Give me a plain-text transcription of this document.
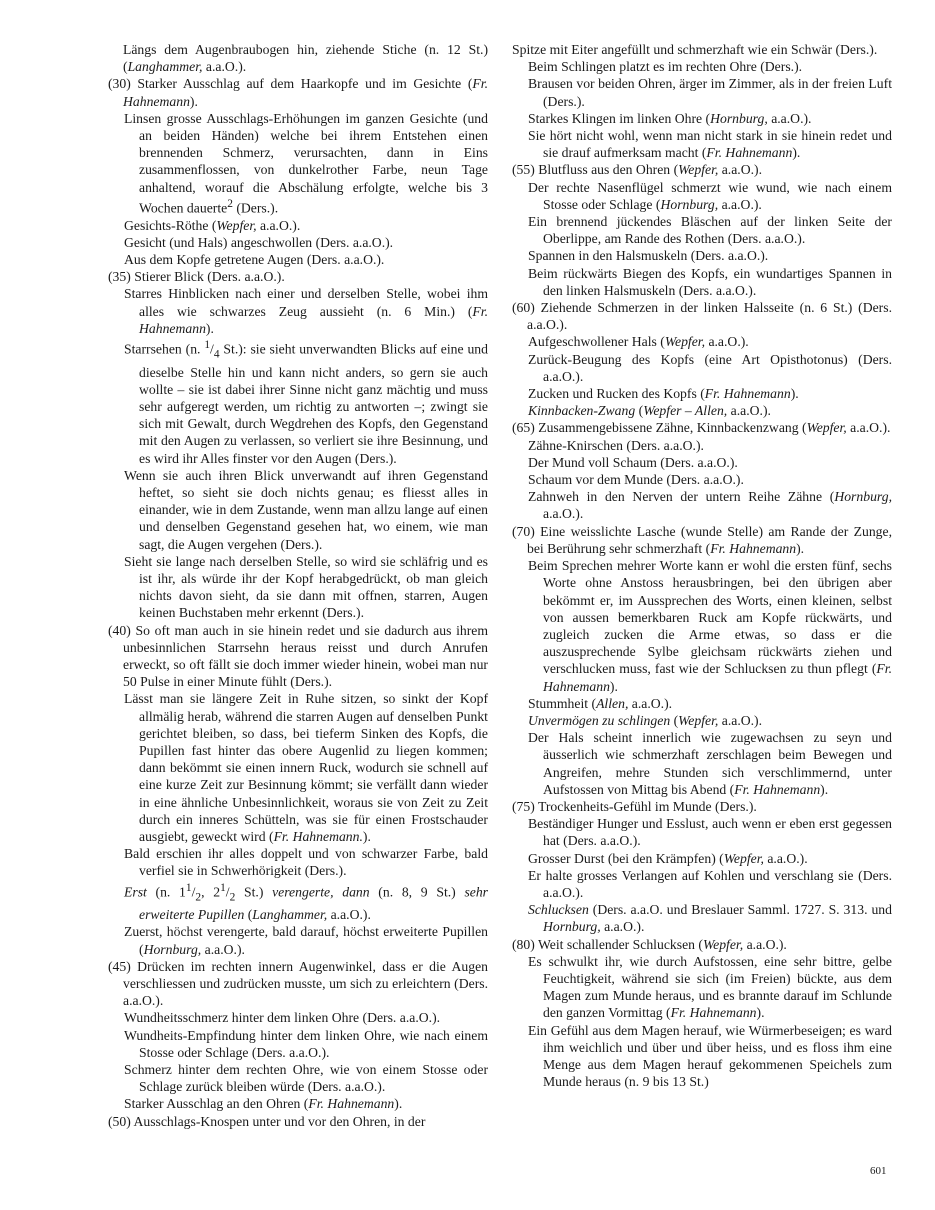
Längs dem Augenbraubogen hin, ziehende Stiche (n. 12 St.) (Langhammer, a.a.O.).

(30) Starker Ausschlag auf dem Haarkopfe und im Gesichte (Fr. Hahnemann).

Linsen grosse Ausschlags-Erhöhungen im ganzen Gesichte (und an beiden Händen) welche bei ihrem Entstehen einen brennenden Schmerz, verursachten, dann in Eins zusammenflossen, von dunkelrother Farbe, neun Tage anhaltend, worauf die Abschälung erfolgte, welche bis 3 Wochen dauerte$^2$ (Ders.).

Gesichts-Röthe (Wepfer, a.a.O.).

Gesicht (und Hals) angeschwollen (Ders. a.a.O.).

Aus dem Kopfe getretene Augen (Ders. a.a.O.).

(35) Stierer Blick (Ders. a.a.O.).

Starres Hinblicken nach einer und derselben Stelle, wobei ihm alles wie schwarzes Zeug aussieht (n. 6 Min.) (Fr. Hahnemann).

Starrsehen (n. $^1/_4$ St.): sie sieht unverwandten Blicks auf eine und dieselbe Stelle hin und kann nicht anders, so gern sie auch wollte – sie ist dabei ihrer Sinne nicht ganz mächtig und muss sehr aufgeregt werden, um richtig zu antworten –; zwingt sie sich mit Gewalt, durch Wegdrehen des Kopfs, den Gegenstand mit den Augen zu verlassen, so verliert sie ihre Besinnung, und es wird ihr Alles finster vor den Augen (Ders.).

Wenn sie auch ihren Blick unverwandt auf ihren Gegenstand heftet, so sieht sie doch nichts genau; es fliesst alles in einander, wie in dem Zustande, wenn man allzu lange auf einen und denselben Gegenstand gesehen hat, wo einem, wie man sagt, die Augen vergehen (Ders.).

Sieht sie lange nach derselben Stelle, so wird sie schläfrig und es ist ihr, als würde ihr der Kopf herabgedrückt, ob man gleich nichts davon sieht, da sie dann mit offnen, starren, Augen keinen Buchstaben mehr erkennt (Ders.).

(40) So oft man auch in sie hinein redet und sie dadurch aus ihrem unbesinnlichen Starrsehn heraus reisst und durch Anrufen erweckt, so oft fällt sie doch immer wieder hinein, wobei man nur 50 Pulse in einer Minute fühlt (Ders.).

Lässt man sie längere Zeit in Ruhe sitzen, so sinkt der Kopf allmälig herab, während die starren Augen auf denselben Punkt gerichtet bleiben, so dass, bei tieferm Sinken des Kopfs, die Pupillen fast hinter das obere Augenlid zu liegen kommen; dann bekömmt sie einen innern Ruck, wodurch sie schnell auf eine kurze Zeit zur Besinnung kömmt; sie verfällt dann wieder in eine ähnliche Unbesinnlichkeit, woraus sie von Zeit zu Zeit durch ein inneres Schütteln, was sie für einen Frostschauder ausgiebt, geweckt wird (Fr. Hahnemann.).

Bald erschien ihr alles doppelt und von schwarzer Farbe, bald verfiel sie in Schwerhörigkeit (Ders.).

Erst (n. $1^1/_2$, $2^1/_2$ St.) verengerte, dann (n. 8, 9 St.) sehr erweiterte Pupillen (Langhammer, a.a.O.).

Zuerst, höchst verengerte, bald darauf, höchst erweiterte Pupillen (Hornburg, a.a.O.).

(45) Drücken im rechten innern Augenwinkel, dass er die Augen verschliessen und zudrücken musste, um sich zu erleichtern (Ders. a.a.O.).

Wundheitsschmerz hinter dem linken Ohre (Ders. a.a.O.).

Wundheits-Empfindung hinter dem linken Ohre, wie nach einem Stosse oder Schlage (Ders. a.a.O.).

Schmerz hinter dem rechten Ohre, wie von einem Stosse oder Schlage zurück bleiben würde (Ders. a.a.O.).

Starker Ausschlag an den Ohren (Fr. Hahnemann).

(50) Ausschlags-Knospen unter und vor den Ohren, in der

Spitze mit Eiter angefüllt und schmerzhaft wie ein Schwär (Ders.).

Beim Schlingen platzt es im rechten Ohre (Ders.).

Brausen vor beiden Ohren, ärger im Zimmer, als in der freien Luft (Ders.).

Starkes Klingen im linken Ohre (Hornburg, a.a.O.).

Sie hört nicht wohl, wenn man nicht stark in sie hinein redet und sie drauf aufmerksam macht (Fr. Hahnemann).

(55) Blutfluss aus den Ohren (Wepfer, a.a.O.).

Der rechte Nasenflügel schmerzt wie wund, wie nach einem Stosse oder Schlage (Hornburg, a.a.O.).

Ein brennend jückendes Bläschen auf der linken Seite der Oberlippe, am Rande des Rothen (Ders. a.a.O.).

Spannen in den Halsmuskeln (Ders. a.a.O.).

Beim rückwärts Biegen des Kopfs, ein wundartiges Spannen in den linken Halsmuskeln (Ders. a.a.O.).

(60) Ziehende Schmerzen in der linken Halsseite (n. 6 St.) (Ders. a.a.O.).

Aufgeschwollener Hals (Wepfer, a.a.O.).

Zurück-Beugung des Kopfs (eine Art Opisthotonus) (Ders. a.a.O.).

Zucken und Rucken des Kopfs (Fr. Hahnemann).

Kinnbacken-Zwang (Wepfer – Allen, a.a.O.).

(65) Zusammengebissene Zähne, Kinnbackenzwang (Wepfer, a.a.O.).

Zähne-Knirschen (Ders. a.a.O.).

Der Mund voll Schaum (Ders. a.a.O.).

Schaum vor dem Munde (Ders. a.a.O.).

Zahnweh in den Nerven der untern Reihe Zähne (Hornburg, a.a.O.).

(70) Eine weisslichte Lasche (wunde Stelle) am Rande der Zunge, bei Berührung sehr schmerzhaft (Fr. Hahnemann).

Beim Sprechen mehrer Worte kann er wohl die ersten fünf, sechs Worte ohne Anstoss herausbringen, bei den übrigen aber bekömmt er, im Aussprechen des Worts, einen kleinen, selbst von aussen bemerkbaren Ruck am Kopfe rückwärts, und zugleich zucken die Arme etwas, so dass er die auszusprechende Sylbe gleichsam rückwärts ziehen und verschlucken muss, fast wie der Schlucksen zu thun pflegt (Fr. Hahnemann).

Stummheit (Allen, a.a.O.).

Unvermögen zu schlingen (Wepfer, a.a.O.).

Der Hals scheint innerlich wie zugewachsen zu seyn und äusserlich wie schmerzhaft zerschlagen beim Bewegen und Angreifen, mehre Stunden sich verschlimmernd, unter Aufstossen von Mittag bis Abend (Fr. Hahnemann).

(75) Trockenheits-Gefühl im Munde (Ders.).

Beständiger Hunger und Esslust, auch wenn er eben erst gegessen hat (Ders. a.a.O.).

Grosser Durst (bei den Krämpfen) (Wepfer, a.a.O.).

Er halte grosses Verlangen auf Kohlen und verschlang sie (Ders. a.a.O.).

Schlucksen (Ders. a.a.O. und Breslauer Samml. 1727. S. 313. und Hornburg, a.a.O.).

(80) Weit schallender Schlucksen (Wepfer, a.a.O.).

Es schwulkt ihr, wie durch Aufstossen, eine sehr bittre, gelbe Feuchtigkeit, während sie sich (im Freien) bückte, aus dem Magen zum Munde heraus, und es brannte darauf im Schlunde den ganzen Vormittag (Fr. Hahnemann).

Ein Gefühl aus dem Magen herauf, wie Würmerbeseigen; es ward ihm weichlich und über und über heiss, und es floss ihm eine Menge aus dem Magen herauf gekommenen Speichels zum Munde heraus (n. 9 bis 13 St.)

601
